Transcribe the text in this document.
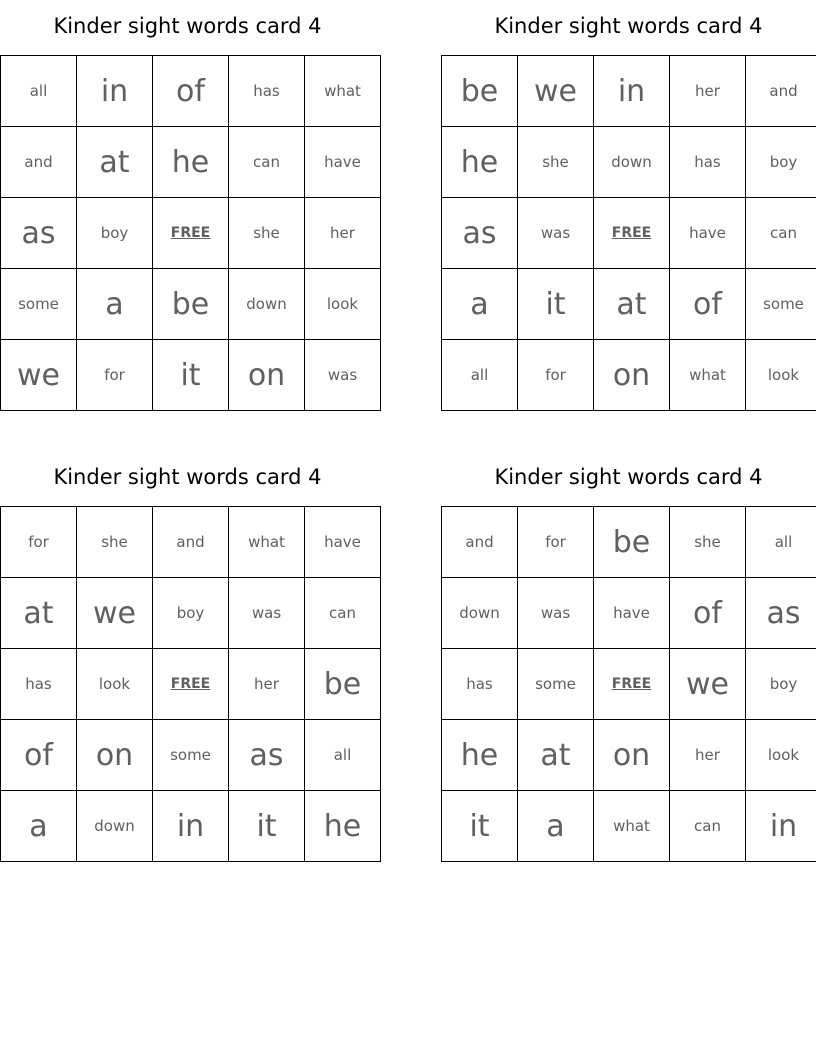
Kinder sight words card 4
all	in	of	has	what
and	at	he	can	have
as	boy	FREE	she	her
some	a	be	down	look
we	for	it	on	was
Kinder sight words card 4
be	we	in	her	and
he	she	down	has	boy
as	was	FREE	have	can
a	it	at	of	some
all	for	on	what	look
Kinder sight words card 4
for	she	and	what	have
at	we	boy	was	can
has	look	FREE	her	be
of	on	some	as	all
a	down	in	it	he
Kinder sight words card 4
and	for	be	she	all
down	was	have	of	as
has	some	FREE	we	boy
he	at	on	her	look
it	a	what	can	in
